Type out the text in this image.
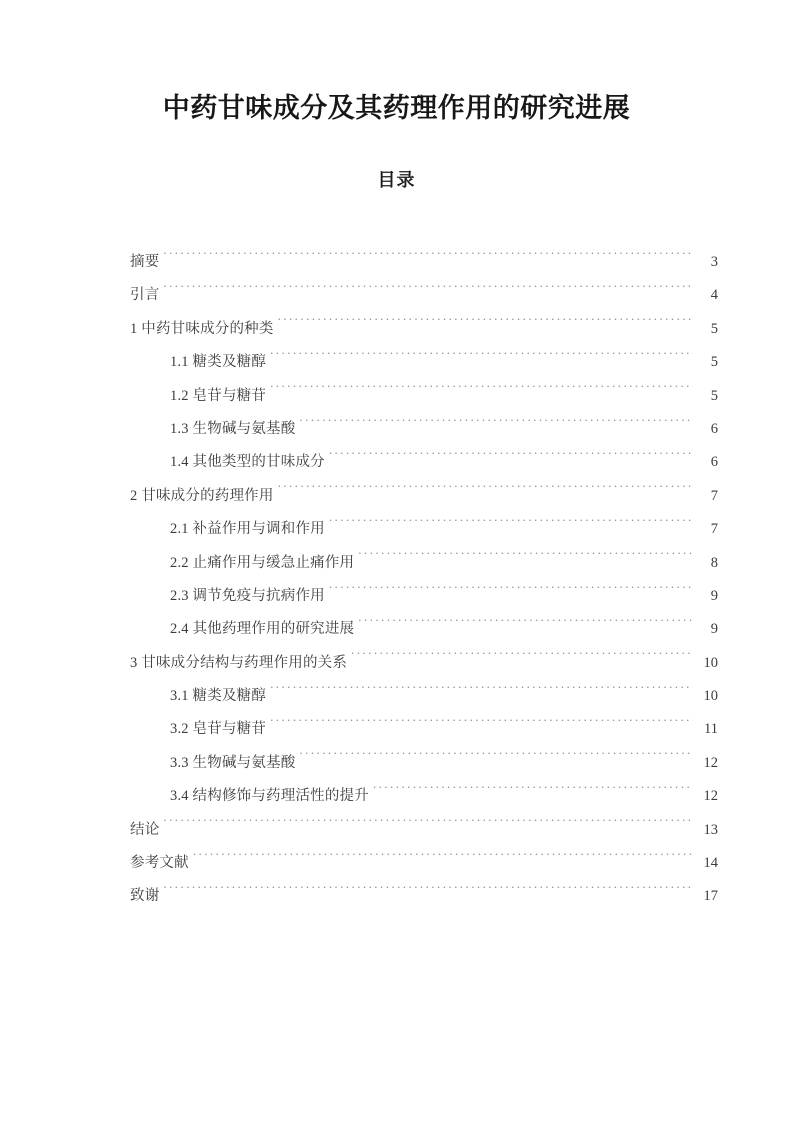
中药甘味成分及其药理作用的研究进展
目录
摘要 . . .	3
引言 . . .	4
1 中药甘味成分的种类 . . .	5
1.1 糖类及糖醇 . . .	5
1.2 皂苷与糖苷 . . .	5
1.3 生物碱与氨基酸 . . .	6
1.4 其他类型的甘味成分 . . .	6
2 甘味成分的药理作用 . . .	7
2.1 补益作用与调和作用 . . .	7
2.2 止痛作用与缓急止痛作用 . . .	8
2.3 调节免疫与抗病作用 . . .	9
2.4 其他药理作用的研究进展 . . .	9
3 甘味成分结构与药理作用的关系 . . .	10
3.1 糖类及糖醇 . . .	10
3.2 皂苷与糖苷 . . .	11
3.3 生物碱与氨基酸 . . .	12
3.4 结构修饰与药理活性的提升 . . .	12
结论 . . .	13
参考文献 . . .	14
致谢 . . .	17
